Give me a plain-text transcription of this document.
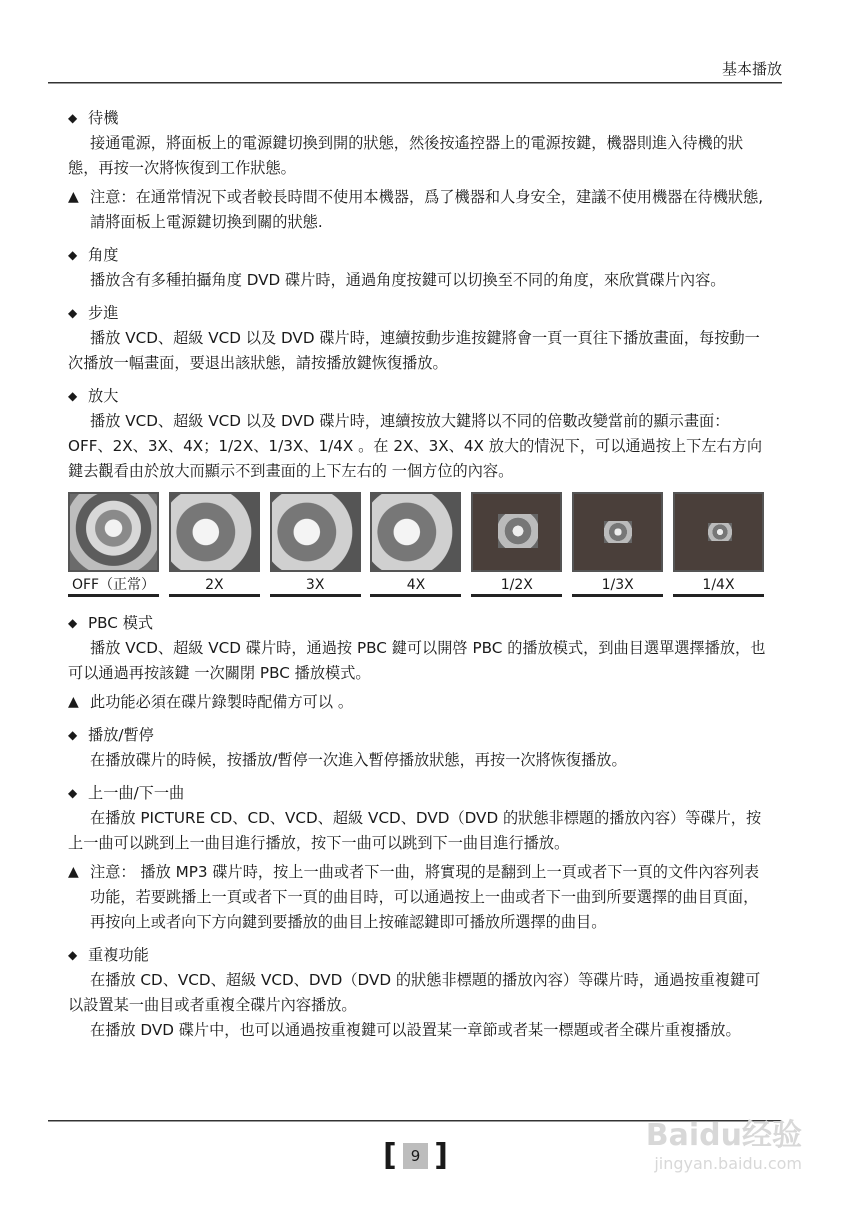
基本播放
◆ 待機

接通電源，將面板上的電源鍵切換到開的狀態，然後按遙控器上的電源按鍵，機器則進入待機的狀態，再按一次將恢復到工作狀態。

▲ 注意：在通常情況下或者較長時間不使用本機器，爲了機器和人身安全，建議不使用機器在待機狀態,請將面板上電源鍵切換到關的狀態.

◆ 角度

播放含有多種拍攝角度 DVD 碟片時，通過角度按鍵可以切換至不同的角度，來欣賞碟片內容。

◆ 步進

播放 VCD、超級 VCD 以及 DVD 碟片時，連續按動步進按鍵將會一頁一頁往下播放畫面，每按動一次播放一幅畫面，要退出該狀態，請按播放鍵恢復播放。

◆ 放大

播放 VCD、超級 VCD 以及 DVD 碟片時，連續按放大鍵將以不同的倍數改變當前的顯示畫面：OFF、2X、3X、4X；1/2X、1/3X、1/4X 。在 2X、3X、4X 放大的情況下，可以通過按上下左右方向鍵去觀看由於放大而顯示不到畫面的上下左右的 一個方位的內容。

OFF（正常）	2X	3X	4X	1/2X	1/3X	1/4X
◆ PBC 模式

播放 VCD、超級 VCD 碟片時，通過按 PBC 鍵可以開啓 PBC 的播放模式，到曲目選單選擇播放，也可以通過再按該鍵 一次關閉 PBC 播放模式。

▲ 此功能必須在碟片錄製時配備方可以 。

◆ 播放/暫停

在播放碟片的時候，按播放/暫停一次進入暫停播放狀態，再按一次將恢復播放。

◆ 上一曲/下一曲

在播放 PICTURE CD、CD、VCD、超級 VCD、DVD（DVD 的狀態非標題的播放內容）等碟片，按上一曲可以跳到上一曲目進行播放，按下一曲可以跳到下一曲目進行播放。

▲ 注意： 播放 MP3 碟片時，按上一曲或者下一曲，將實現的是翻到上一頁或者下一頁的文件內容列表功能，若要跳播上一頁或者下一頁的曲目時，可以通過按上一曲或者下一曲到所要選擇的曲目頁面，再按向上或者向下方向鍵到要播放的曲目上按確認鍵即可播放所選擇的曲目。

◆ 重複功能

在播放 CD、VCD、超級 VCD、DVD（DVD 的狀態非標題的播放內容）等碟片時，通過按重複鍵可以設置某一曲目或者重複全碟片內容播放。

在播放 DVD 碟片中，也可以通過按重複鍵可以設置某一章節或者某一標題或者全碟片重複播放。

[ 9 ]
Baidu经验
jingyan.baidu.com
